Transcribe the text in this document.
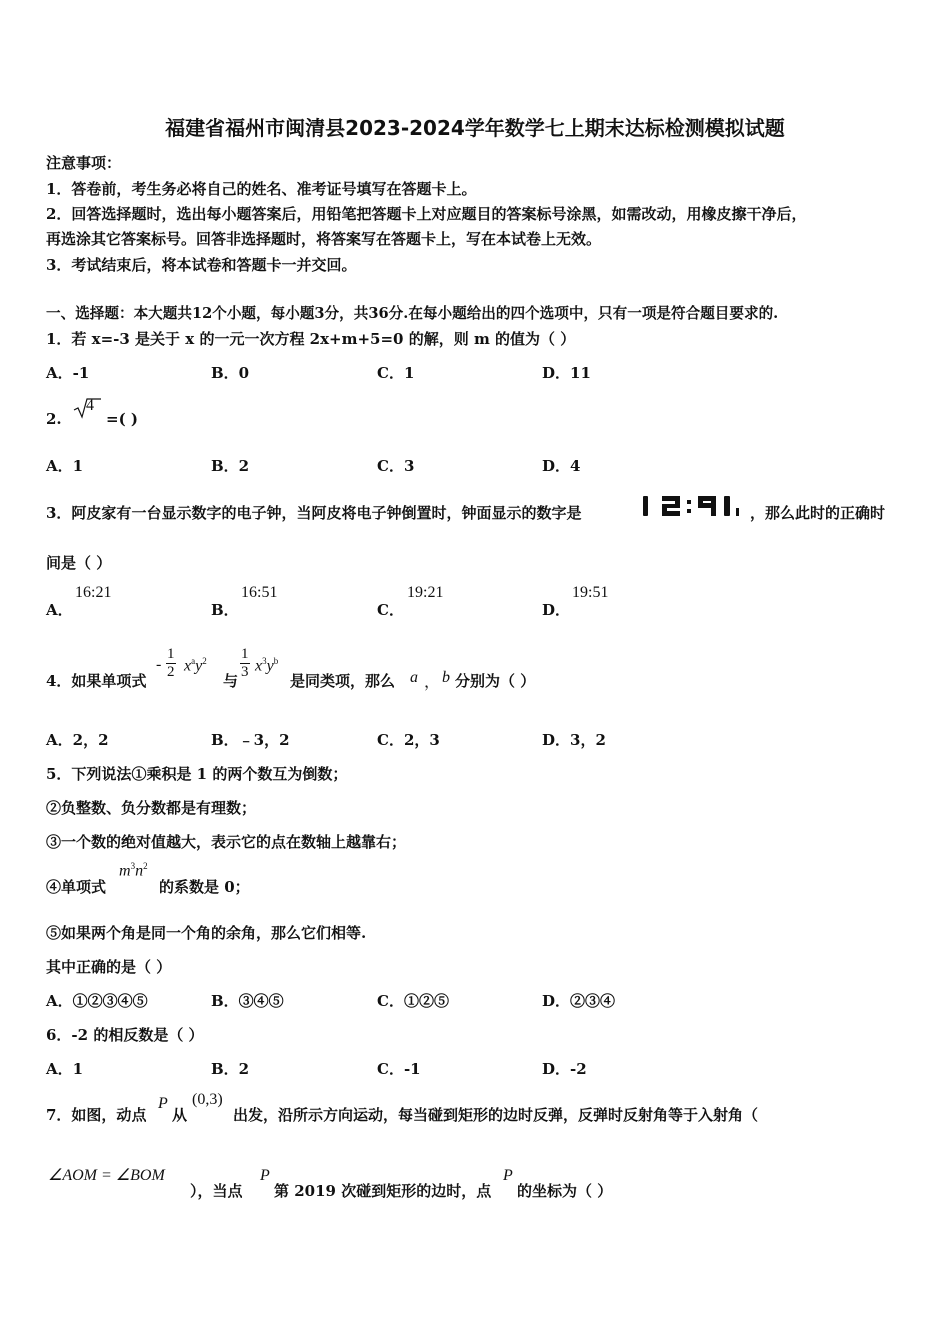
福建省福州市闽清县2023-2024学年数学七上期末达标检测模拟试题
注意事项：
1．答卷前，考生务必将自己的姓名、准考证号填写在答题卡上。
2．回答选择题时，选出每小题答案后，用铅笔把答题卡上对应题目的答案标号涂黑，如需改动，用橡皮擦干净后，
再选涂其它答案标号。回答非选择题时，将答案写在答题卡上，写在本试卷上无效。
3．考试结束后，将本试卷和答题卡一并交回。
一、选择题：本大题共12个小题，每小题3分，共36分.在每小题给出的四个选项中，只有一项是符合题目要求的.
1．若 x=-3 是关于 x 的一元一次方程 2x+m+5=0 的解，则 m 的值为（ ）
A．-1	B．0	C．1	D．11
2.
4
=( )
A．1	B．2	C．3	D．4
3．阿皮家有一台显示数字的电子钟，当阿皮将电子钟倒置时，钟面显示的数字是	，那么此时的正确时
间是（ ）
A．
16:21
B．
16:51
C．
19:21
D．
19:51
4．如果单项式
- $\frac{1}{2} x^ay^2$
与 $\frac{1}{3} x^3y^b$
是同类项，那么 a ， b 分别为（ ）
A．2，2	B．﹣3，2	C．2，3	D．3，2
5．下列说法①乘积是 1 的两个数互为倒数；
②负整数、负分数都是有理数；
③一个数的绝对值越大，表示它的点在数轴上越靠右；
④单项式
$m^3n^2$
的系数是 0；
⑤如果两个角是同一个角的余角，那么它们相等.
其中正确的是（ ）
A．①②③④⑤	B．③④⑤	C．①②⑤	D．②③④
6．-2 的相反数是（ ）
A．1	B．2	C．-1	D．-2
7．如图，动点
P
从
(0,3)
出发，沿所示方向运动，每当碰到矩形的边时反弹，反弹时反射角等于入射角（
∠AOM = ∠BOM
），当点
P
第 2019 次碰到矩形的边时，点
P
的坐标为（ ）
